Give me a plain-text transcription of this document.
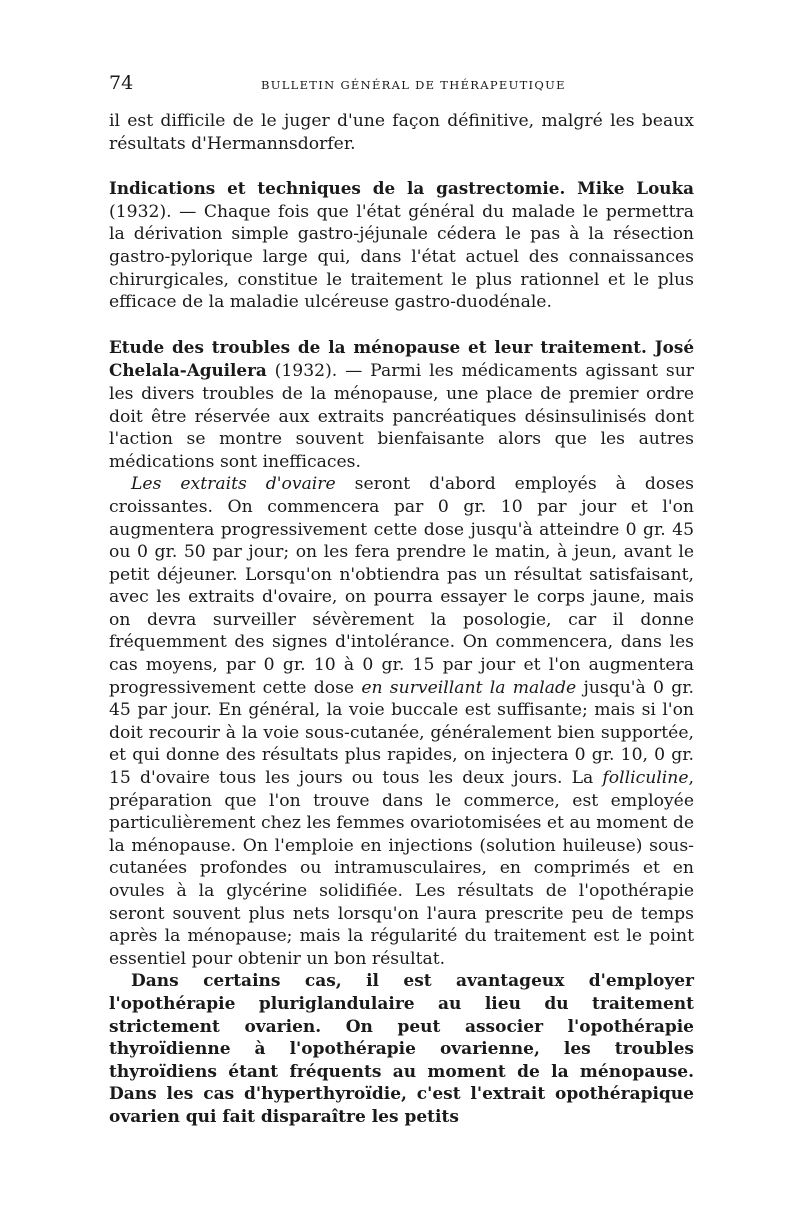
74	BULLETIN GÉNÉRAL DE THÉRAPEUTIQUE

il est difficile de le juger d'une façon définitive, malgré les beaux résultats d'Hermannsdorfer.

Indications et techniques de la gastrectomie. Mike Louka (1932). — Chaque fois que l'état général du malade le permettra la dérivation simple gastro-jéjunale cédera le pas à la résection gastro-pylorique large qui, dans l'état actuel des connaissances chirurgicales, constitue le traitement le plus rationnel et le plus efficace de la maladie ulcéreuse gastro-duodénale.

Etude des troubles de la ménopause et leur traitement. José Chelala-Aguilera (1932). — Parmi les médicaments agissant sur les divers troubles de la ménopause, une place de premier ordre doit être réservée aux extraits pancréatiques désinsulinisés dont l'action se montre souvent bienfaisante alors que les autres médications sont inefficaces.

Les extraits d'ovaire seront d'abord employés à doses croissantes. On commencera par 0 gr. 10 par jour et l'on augmentera progressivement cette dose jusqu'à atteindre 0 gr. 45 ou 0 gr. 50 par jour; on les fera prendre le matin, à jeun, avant le petit déjeuner. Lorsqu'on n'obtiendra pas un résultat satisfaisant, avec les extraits d'ovaire, on pourra essayer le corps jaune, mais on devra surveiller sévèrement la posologie, car il donne fréquemment des signes d'intolérance. On commencera, dans les cas moyens, par 0 gr. 10 à 0 gr. 15 par jour et l'on augmentera progressivement cette dose en surveillant la malade jusqu'à 0 gr. 45 par jour. En général, la voie buccale est suffisante; mais si l'on doit recourir à la voie sous-cutanée, généralement bien supportée, et qui donne des résultats plus rapides, on injectera 0 gr. 10, 0 gr. 15 d'ovaire tous les jours ou tous les deux jours. La folliculine, préparation que l'on trouve dans le commerce, est employée particulièrement chez les femmes ovariotomisées et au moment de la ménopause. On l'emploie en injections (solution huileuse) sous-cutanées profondes ou intramusculaires, en comprimés et en ovules à la glycérine solidifiée. Les résultats de l'opothérapie seront souvent plus nets lorsqu'on l'aura prescrite peu de temps après la ménopause; mais la régularité du traitement est le point essentiel pour obtenir un bon résultat.

Dans certains cas, il est avantageux d'employer l'opothérapie pluriglandulaire au lieu du traitement strictement ovarien. On peut associer l'opothérapie thyroïdienne à l'opothérapie ovarienne, les troubles thyroïdiens étant fréquents au moment de la ménopause. Dans les cas d'hyperthyroïdie, c'est l'extrait opothérapique ovarien qui fait disparaître les petits
